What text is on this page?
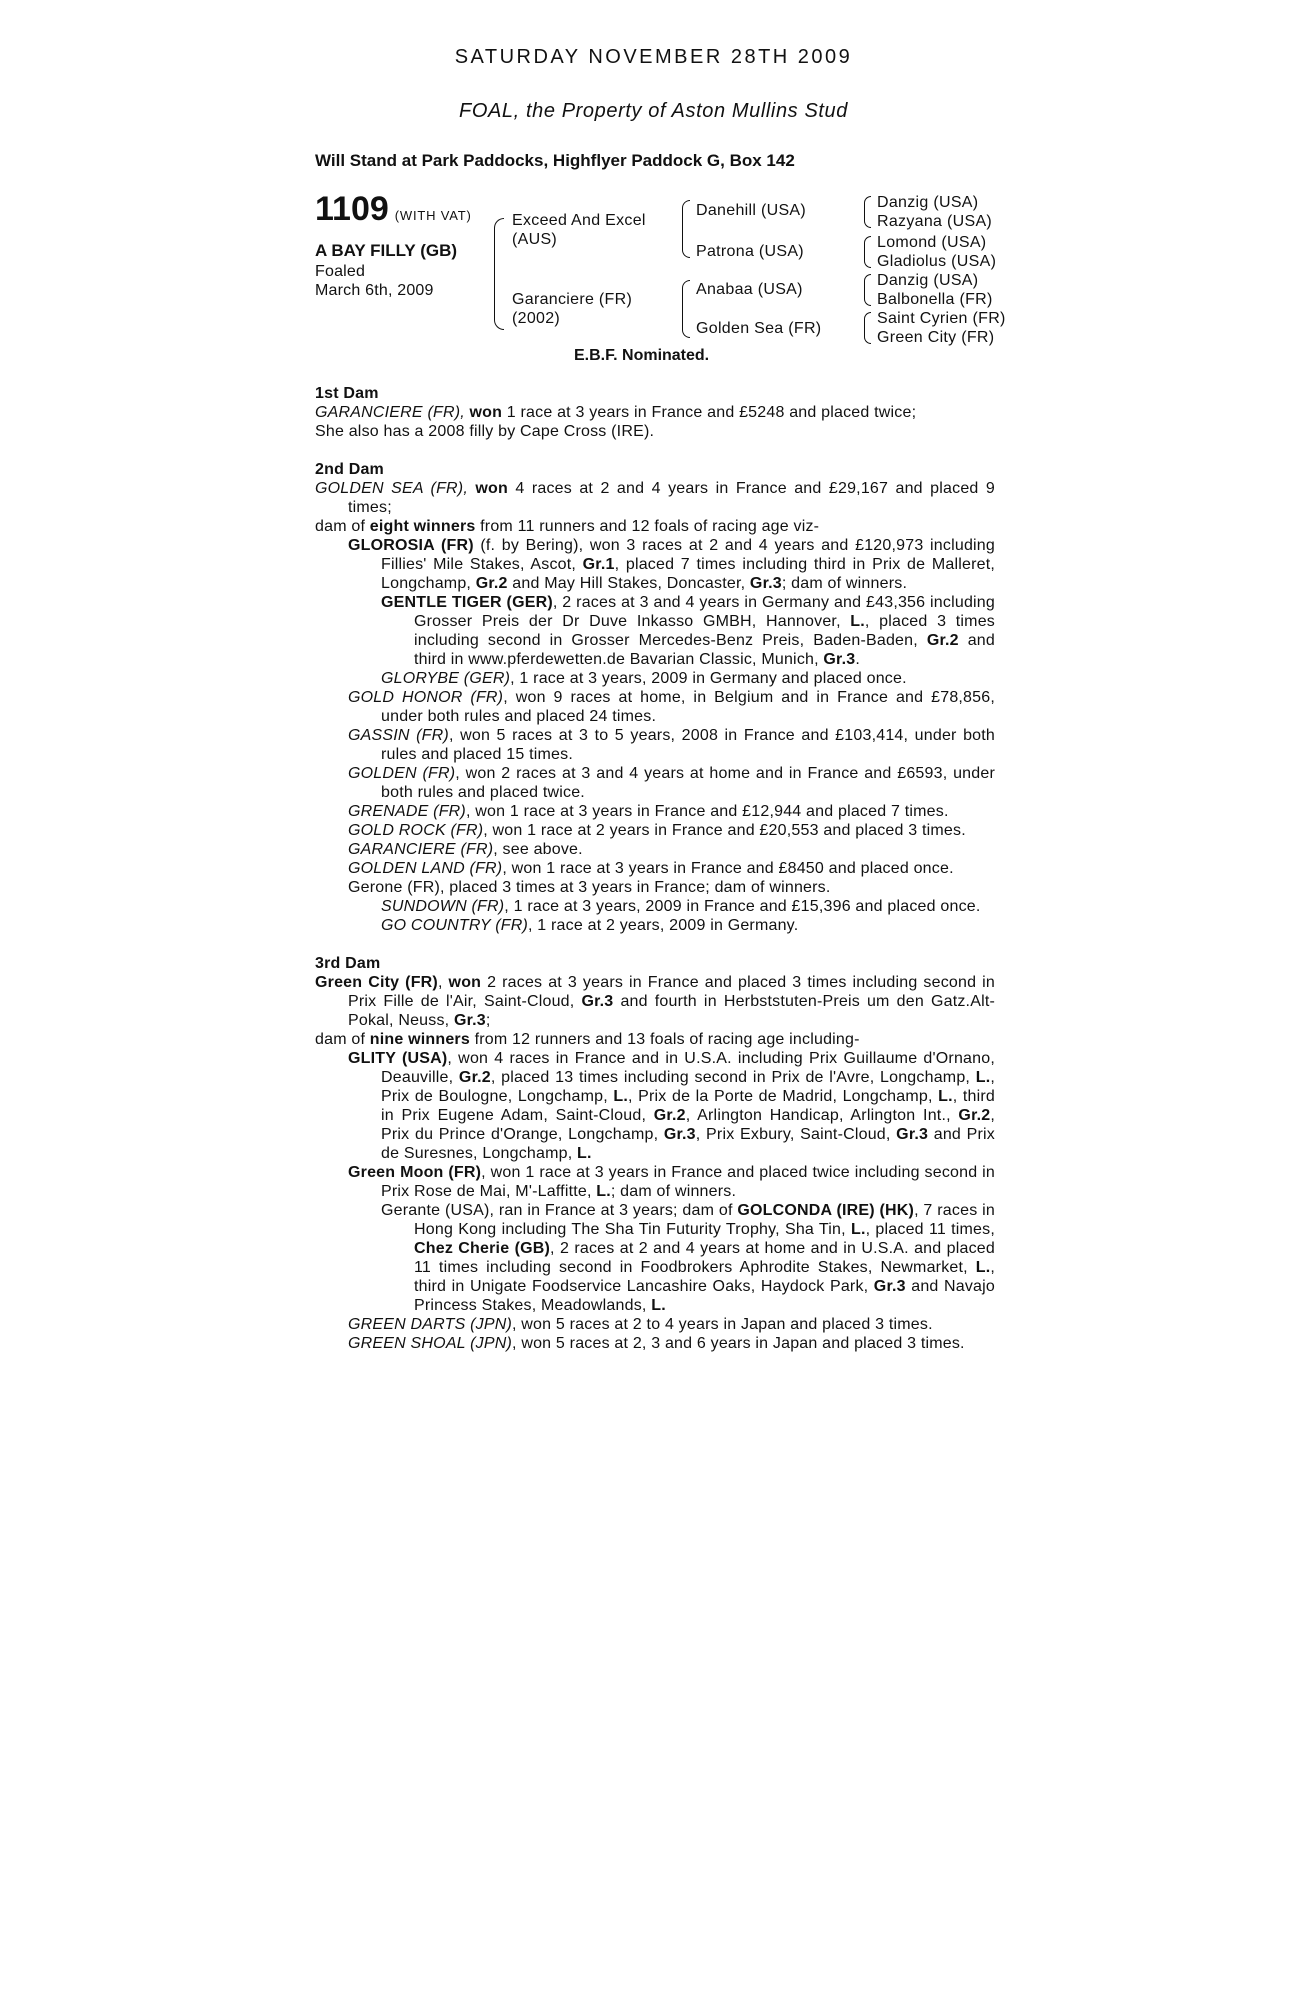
SATURDAY NOVEMBER 28TH 2009
FOAL, the Property of Aston Mullins Stud
Will Stand at Park Paddocks, Highflyer Paddock G, Box 142
1109 (WITH VAT)
A BAY FILLY (GB)
Foaled
March 6th, 2009
Exceed And Excel
(AUS)
Garanciere (FR)
(2002)
Danehill (USA)
Patrona (USA)
Anabaa (USA)
Golden Sea (FR)
Danzig (USA)
Razyana (USA)
Lomond (USA)
Gladiolus (USA)
Danzig (USA)
Balbonella (FR)
Saint Cyrien (FR)
Green City (FR)
E.B.F. Nominated.

1st Dam

GARANCIERE (FR), won 1 race at 3 years in France and £5248 and placed twice;

She also has a 2008 filly by Cape Cross (IRE).

2nd Dam

GOLDEN SEA (FR), won 4 races at 2 and 4 years in France and £29,167 and placed 9 times;

dam of eight winners from 11 runners and 12 foals of racing age viz-

GLOROSIA (FR) (f. by Bering), won 3 races at 2 and 4 years and £120,973 including Fillies' Mile Stakes, Ascot, Gr.1, placed 7 times including third in Prix de Malleret, Longchamp, Gr.2 and May Hill Stakes, Doncaster, Gr.3; dam of winners.

GENTLE TIGER (GER), 2 races at 3 and 4 years in Germany and £43,356 including Grosser Preis der Dr Duve Inkasso GMBH, Hannover, L., placed 3 times including second in Grosser Mercedes-Benz Preis, Baden-Baden, Gr.2 and third in www.pferdewetten.de Bavarian Classic, Munich, Gr.3.

GLORYBE (GER), 1 race at 3 years, 2009 in Germany and placed once.

GOLD HONOR (FR), won 9 races at home, in Belgium and in France and £78,856, under both rules and placed 24 times.

GASSIN (FR), won 5 races at 3 to 5 years, 2008 in France and £103,414, under both rules and placed 15 times.

GOLDEN (FR), won 2 races at 3 and 4 years at home and in France and £6593, under both rules and placed twice.

GRENADE (FR), won 1 race at 3 years in France and £12,944 and placed 7 times.

GOLD ROCK (FR), won 1 race at 2 years in France and £20,553 and placed 3 times.

GARANCIERE (FR), see above.

GOLDEN LAND (FR), won 1 race at 3 years in France and £8450 and placed once.

Gerone (FR), placed 3 times at 3 years in France; dam of winners.

SUNDOWN (FR), 1 race at 3 years, 2009 in France and £15,396 and placed once.

GO COUNTRY (FR), 1 race at 2 years, 2009 in Germany.

3rd Dam

Green City (FR), won 2 races at 3 years in France and placed 3 times including second in Prix Fille de l'Air, Saint-Cloud, Gr.3 and fourth in Herbststuten-Preis um den Gatz.Alt-Pokal, Neuss, Gr.3;

dam of nine winners from 12 runners and 13 foals of racing age including-

GLITY (USA), won 4 races in France and in U.S.A. including Prix Guillaume d'Ornano, Deauville, Gr.2, placed 13 times including second in Prix de l'Avre, Longchamp, L., Prix de Boulogne, Longchamp, L., Prix de la Porte de Madrid, Longchamp, L., third in Prix Eugene Adam, Saint-Cloud, Gr.2, Arlington Handicap, Arlington Int., Gr.2, Prix du Prince d'Orange, Longchamp, Gr.3, Prix Exbury, Saint-Cloud, Gr.3 and Prix de Suresnes, Longchamp, L.

Green Moon (FR), won 1 race at 3 years in France and placed twice including second in Prix Rose de Mai, M'-Laffitte, L.; dam of winners.

Gerante (USA), ran in France at 3 years; dam of GOLCONDA (IRE) (HK), 7 races in Hong Kong including The Sha Tin Futurity Trophy, Sha Tin, L., placed 11 times, Chez Cherie (GB), 2 races at 2 and 4 years at home and in U.S.A. and placed 11 times including second in Foodbrokers Aphrodite Stakes, Newmarket, L., third in Unigate Foodservice Lancashire Oaks, Haydock Park, Gr.3 and Navajo Princess Stakes, Meadowlands, L.

GREEN DARTS (JPN), won 5 races at 2 to 4 years in Japan and placed 3 times.

GREEN SHOAL (JPN), won 5 races at 2, 3 and 6 years in Japan and placed 3 times.
